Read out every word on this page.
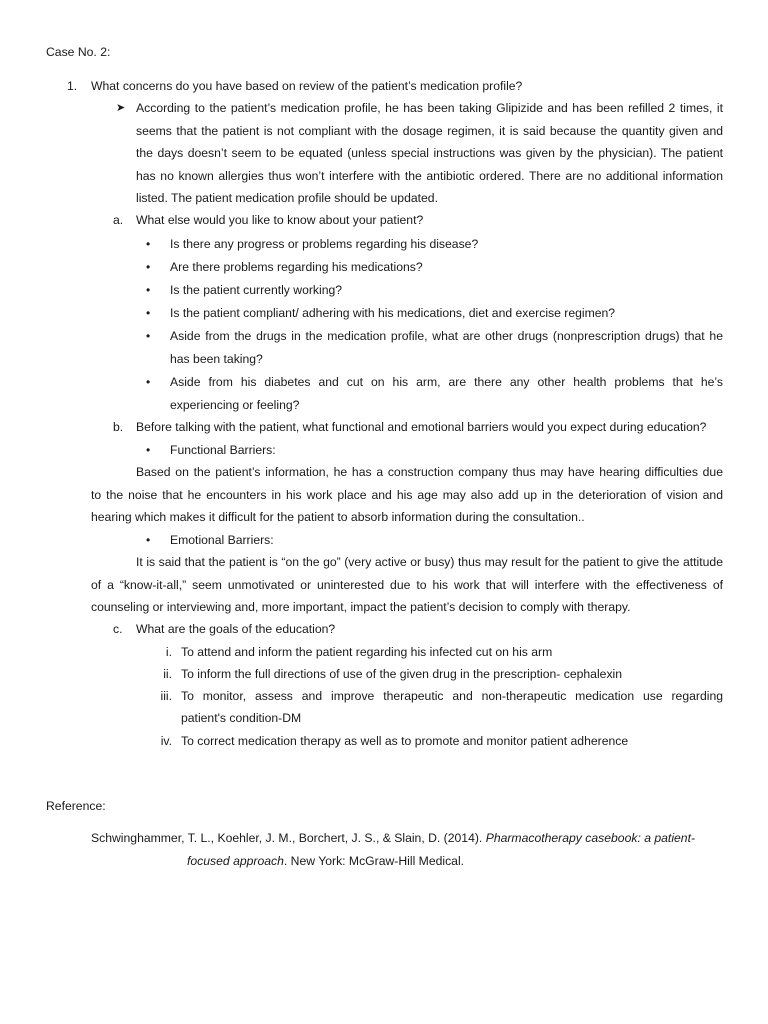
Case No. 2:
1. What concerns do you have based on review of the patient’s medication profile?
➤ According to the patient’s medication profile, he has been taking Glipizide and has been refilled 2 times, it
seems that the patient is not compliant with the dosage regimen, it is said because the quantity given and
the days doesn’t seem to be equated (unless special instructions was given by the physician). The patient
has no known allergies thus won’t interfere with the antibiotic ordered. There are no additional information
listed. The patient medication profile should be updated.
a. What else would you like to know about your patient?
• Is there any progress or problems regarding his disease?
• Are there problems regarding his medications?
• Is the patient currently working?
• Is the patient compliant/ adhering with his medications, diet and exercise regimen?
• Aside from the drugs in the medication profile, what are other drugs (nonprescription drugs) that he
has been taking?
• Aside from his diabetes and cut on his arm, are there any other health problems that he’s
experiencing or feeling?
b. Before talking with the patient, what functional and emotional barriers would you expect during education?
• Functional Barriers:
Based on the patient’s information, he has a construction company thus may have hearing difficulties due
to the noise that he encounters in his work place and his age may also add up in the deterioration of vision and
hearing which makes it difficult for the patient to absorb information during the consultation..
• Emotional Barriers:
It is said that the patient is “on the go” (very active or busy) thus may result for the patient to give the attitude
of a “know-it-all,” seem unmotivated or uninterested due to his work that will interfere with the effectiveness of
counseling or interviewing and, more important, impact the patient’s decision to comply with therapy.
c. What are the goals of the education?
i. To attend and inform the patient regarding his infected cut on his arm
ii. To inform the full directions of use of the given drug in the prescription- cephalexin
iii. To monitor, assess and improve therapeutic and non-therapeutic medication use regarding
patient's condition-DM
iv. To correct medication therapy as well as to promote and monitor patient adherence
Reference:
Schwinghammer, T. L., Koehler, J. M., Borchert, J. S., & Slain, D. (2014). Pharmacotherapy casebook: a patient-
focused approach. New York: McGraw-Hill Medical.
